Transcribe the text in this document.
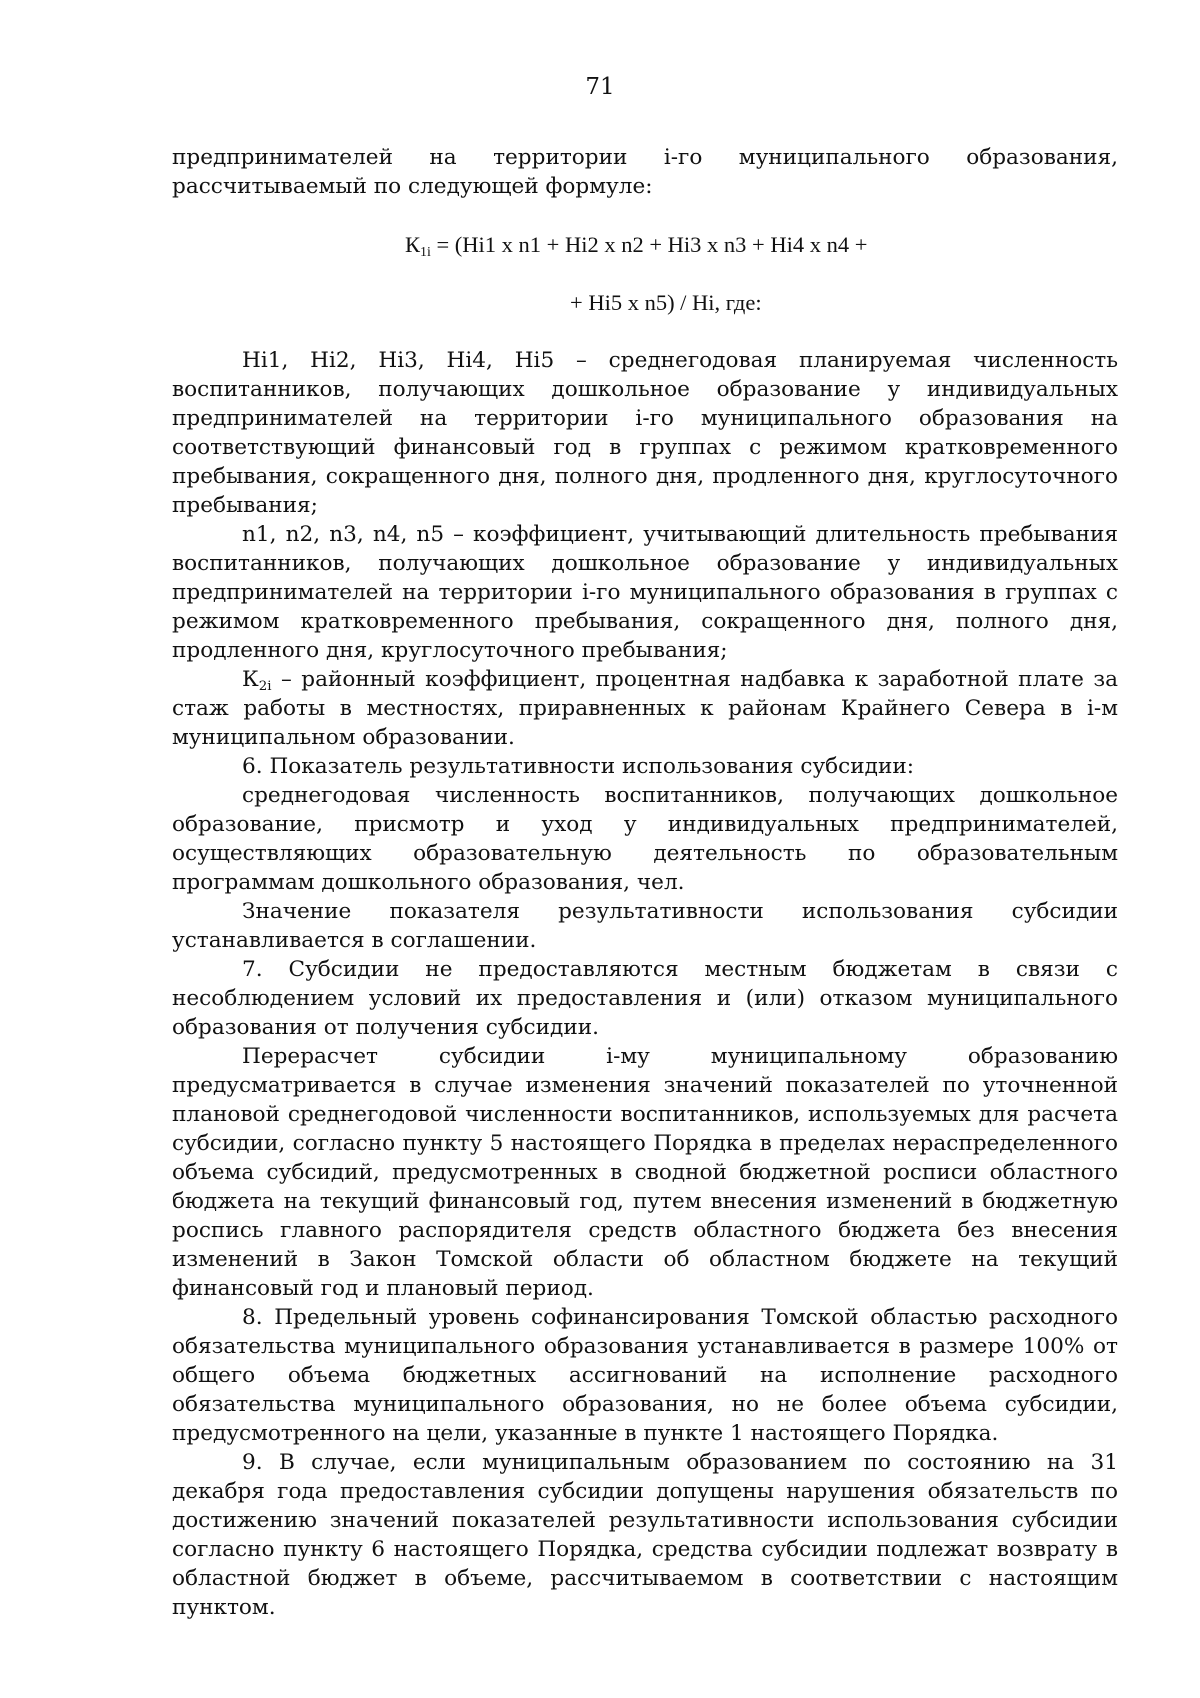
71

предпринимателей на территории i-го муниципального образования, рассчитываемый по следующей формуле:

$К_{1i} = (Нi1$ х n1 + Нi2 х n2 + Нi3 х n3 + Нi4 х n4 +

+ Нi5 х n5) / Нi, где:

Нi1, Нi2, Нi3, Нi4, Нi5 – среднегодовая планируемая численность воспитанников, получающих дошкольное образование у индивидуальных предпринимателей на территории i-го муниципального образования на соответствующий финансовый год в группах с режимом кратковременного пребывания, сокращенного дня, полного дня, продленного дня, круглосуточного пребывания;

n1, n2, n3, n4, n5 – коэффициент, учитывающий длительность пребывания воспитанников, получающих дошкольное образование у индивидуальных предпринимателей на территории i-го муниципального образования в группах с режимом кратковременного пребывания, сокращенного дня, полного дня, продленного дня, круглосуточного пребывания;

$К_{2i}$ – районный коэффициент, процентная надбавка к заработной плате за стаж работы в местностях, приравненных к районам Крайнего Севера в i-м муниципальном образовании.

6. Показатель результативности использования субсидии:

среднегодовая численность воспитанников, получающих дошкольное образование, присмотр и уход у индивидуальных предпринимателей, осуществляющих образовательную деятельность по образовательным программам дошкольного образования, чел.

Значение показателя результативности использования субсидии устанавливается в соглашении.

7. Субсидии не предоставляются местным бюджетам в связи с несоблюдением условий их предоставления и (или) отказом муниципального образования от получения субсидии.

Перерасчет субсидии i-му муниципальному образованию предусматривается в случае изменения значений показателей по уточненной плановой среднегодовой численности воспитанников, используемых для расчета субсидии, согласно пункту 5 настоящего Порядка в пределах нераспределенного объема субсидий, предусмотренных в сводной бюджетной росписи областного бюджета на текущий финансовый год, путем внесения изменений в бюджетную роспись главного распорядителя средств областного бюджета без внесения изменений в Закон Томской области об областном бюджете на текущий финансовый год и плановый период.

8. Предельный уровень софинансирования Томской областью расходного обязательства муниципального образования устанавливается в размере 100% от общего объема бюджетных ассигнований на исполнение расходного обязательства муниципального образования, но не более объема субсидии, предусмотренного на цели, указанные в пункте 1 настоящего Порядка.

9. В случае, если муниципальным образованием по состоянию на 31 декабря года предоставления субсидии допущены нарушения обязательств по достижению значений показателей результативности использования субсидии согласно пункту 6 настоящего Порядка, средства субсидии подлежат возврату в областной бюджет в объеме, рассчитываемом в соответствии с настоящим пунктом.
